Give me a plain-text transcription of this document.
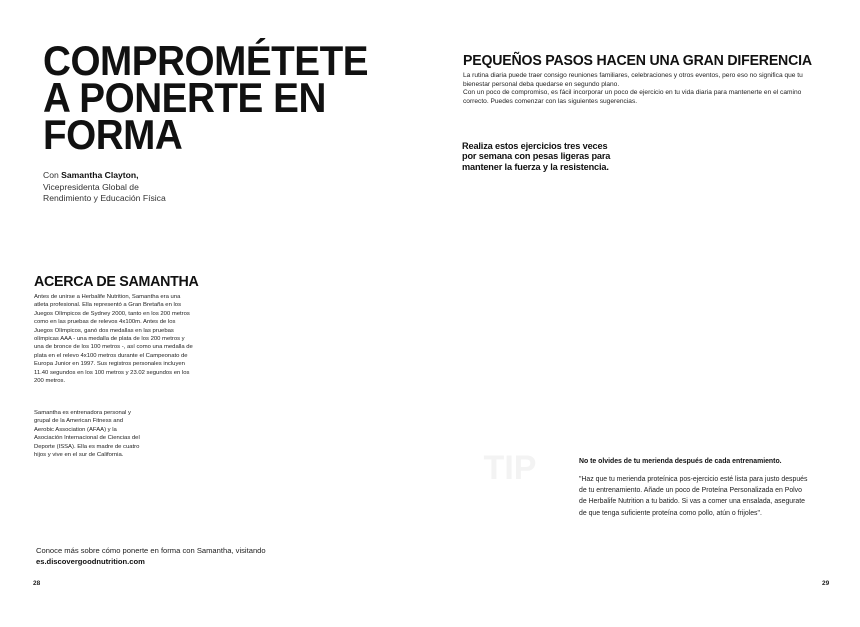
COMPROMÉTETE
A PONERTE EN
FORMA
Con Samantha Clayton,
Vicepresidenta Global de
Rendimiento y Educación Física
ACERCA DE SAMANTHA

Antes de unirse a Herbalife Nutrition, Samantha era una atleta profesional. Ella representó a Gran Bretaña en los Juegos Olímpicos de Sydney 2000, tanto en los 200 metros como en las pruebas de relevos 4x100m. Antes de los Juegos Olímpicos, ganó dos medallas en las pruebas olímpicas AAA - una medalla de plata de los 200 metros y una de bronce de los 100 metros -, así como una medalla de plata en el relevo 4x100 metros durante el Campeonato de Europa Junior en 1997. Sus registros personales incluyen 11.40 segundos en los 100 metros y 23.02 segundos en los 200 metros.

Samantha es entrenadora personal y grupal de la American Fitness and Aerobic Association (AFAA) y la Asociación Internacional de Ciencias del Deporte (ISSA). Ella es madre de cuatro hijos y vive en el sur de California.

Conoce más sobre cómo ponerte en forma con Samantha, visitando es.discovergoodnutrition.com
28
PEQUEÑOS PASOS HACEN UNA GRAN DIFERENCIA

La rutina diaria puede traer consigo reuniones familiares, celebraciones y otros eventos, pero eso no significa que tu bienestar personal deba quedarse en segundo plano.
Con un poco de compromiso, es fácil incorporar un poco de ejercicio en tu vida diaria para mantenerte en el camino correcto. Puedes comenzar con las siguientes sugerencias.

Realiza estos ejercicios tres veces por semana con pesas ligeras para mantener la fuerza y la resistencia.

TIP	No te olvides de tu merienda después de cada entrenamiento.

"Haz que tu merienda proteínica pos-ejercicio esté lista para justo después de tu entrenamiento. Añade un poco de Proteína Personalizada en Polvo de Herbalife Nutrition a tu batido. Si vas a comer una ensalada, asegurate de que tenga suficiente proteína como pollo, atún o frijoles".

29
